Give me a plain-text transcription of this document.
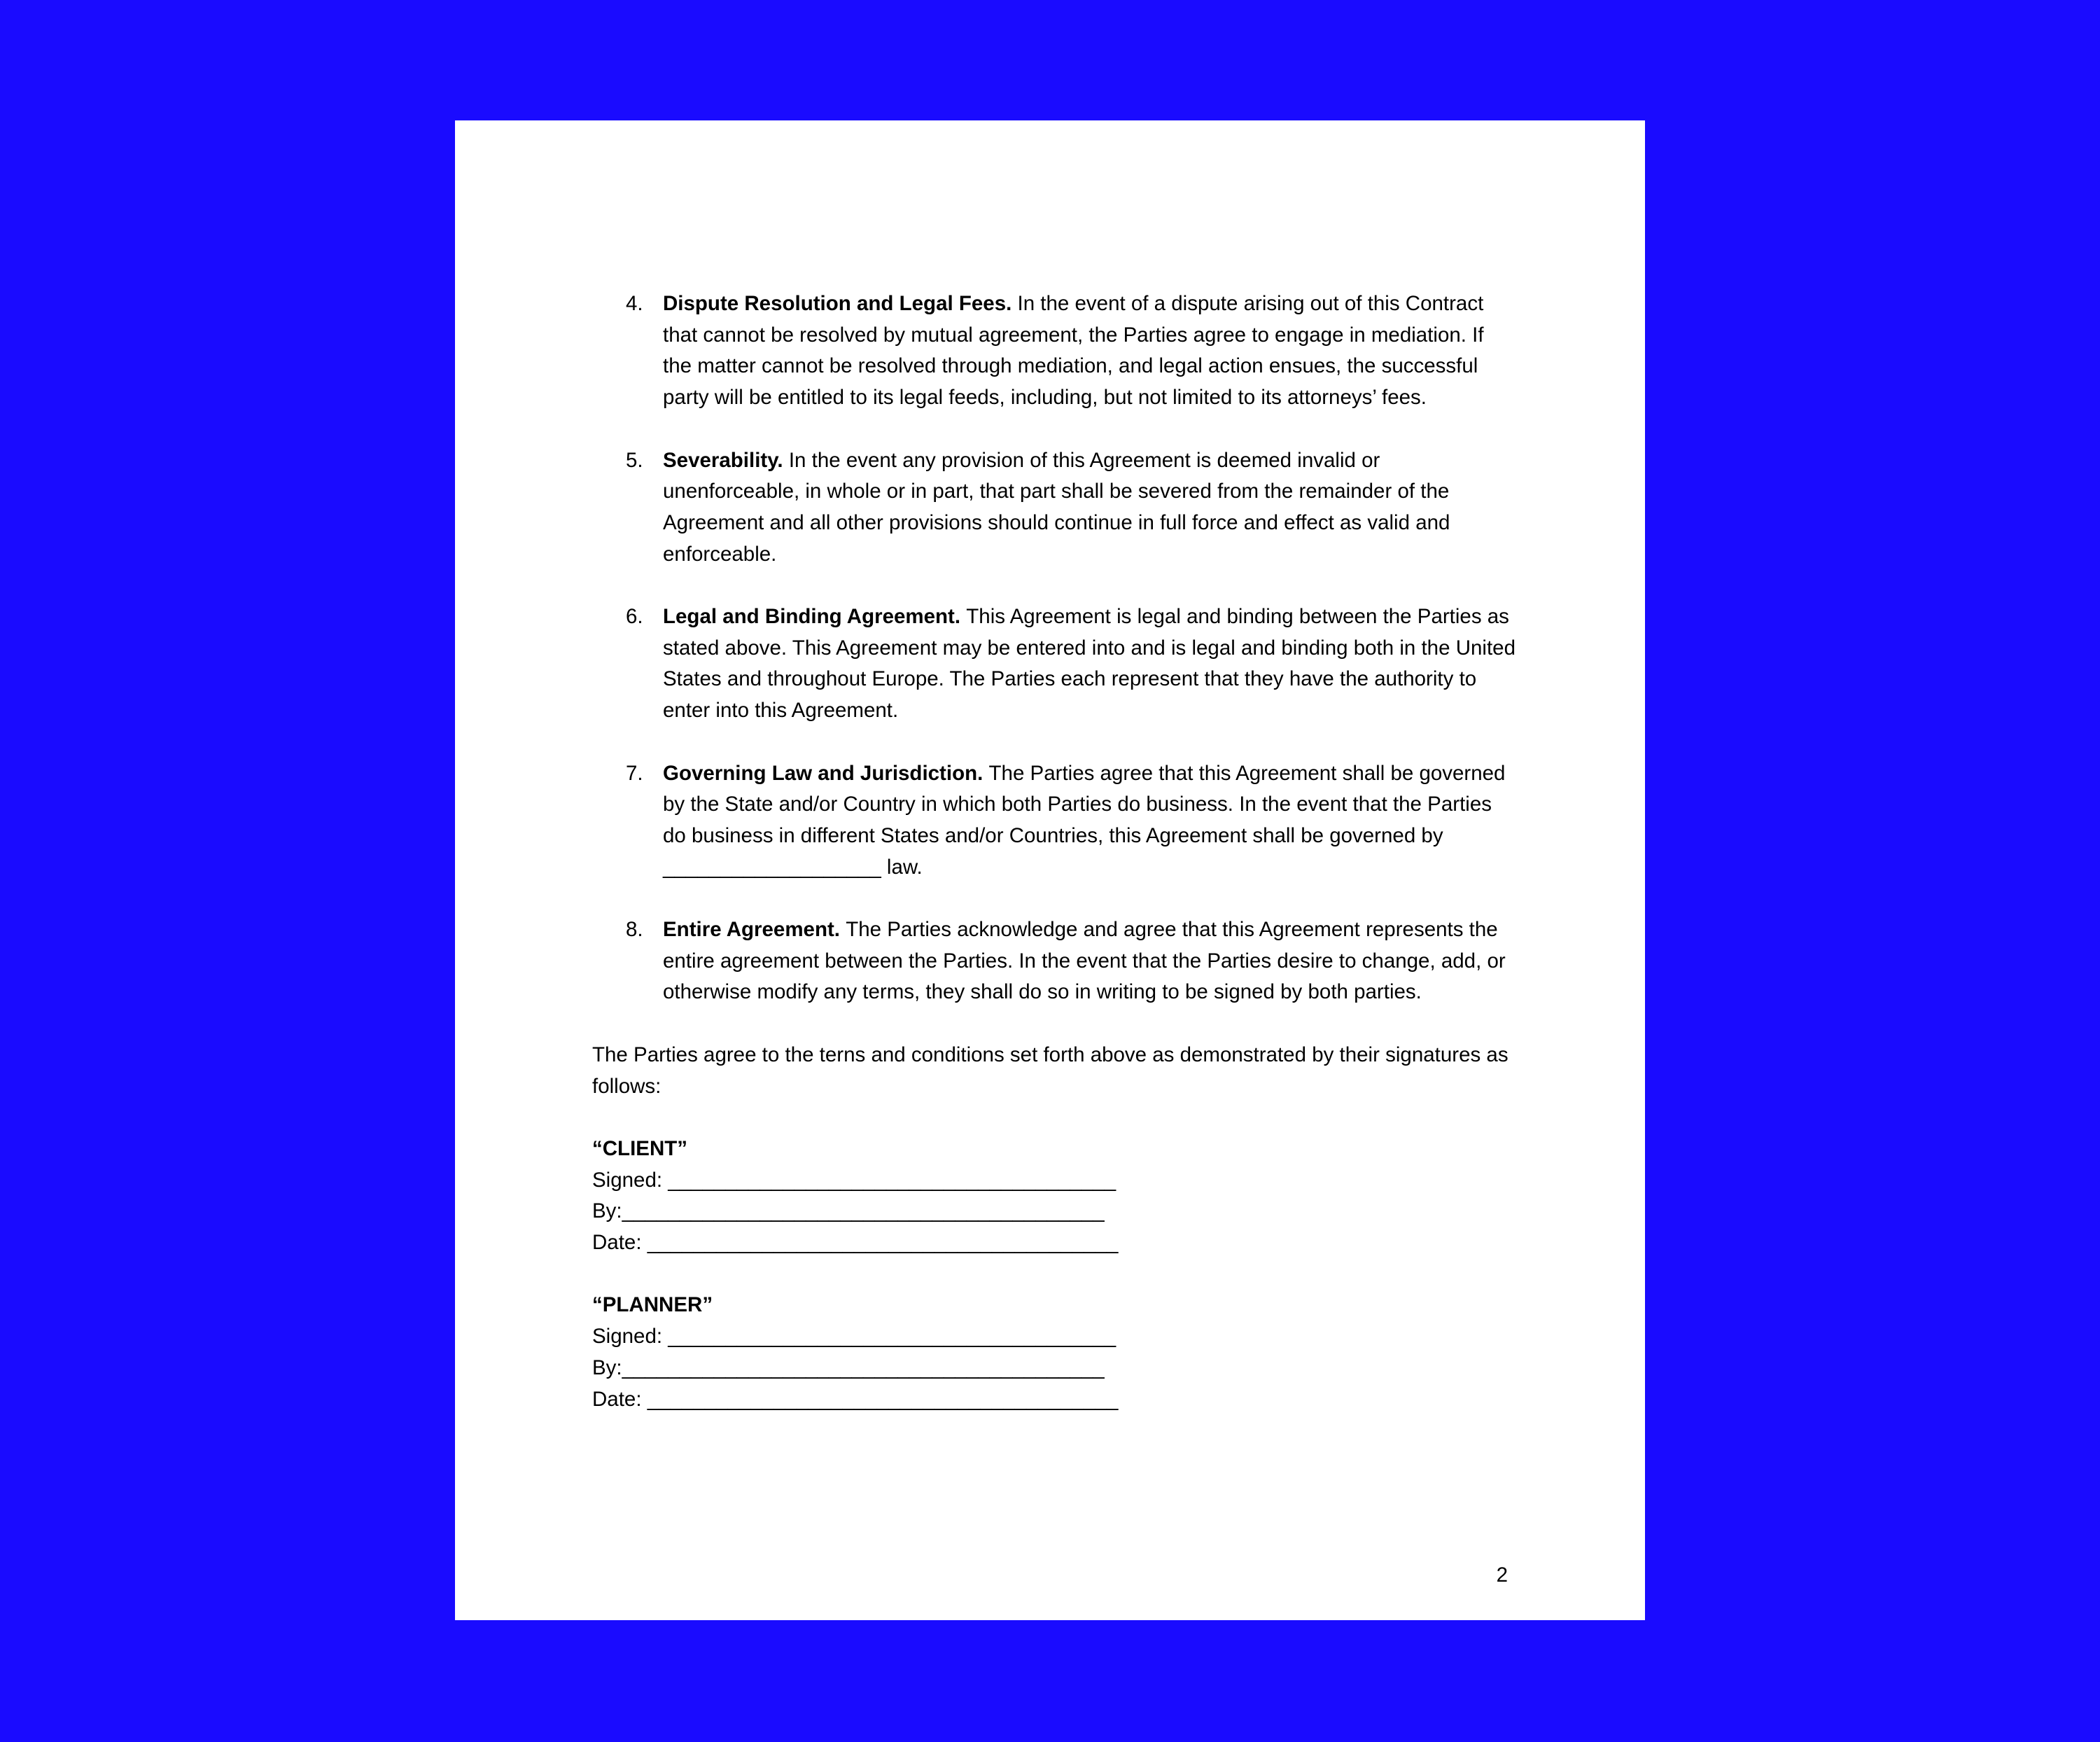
4. Dispute Resolution and Legal Fees. In the event of a dispute arising out of this Contract that cannot be resolved by mutual agreement, the Parties agree to engage in mediation. If the matter cannot be resolved through mediation, and legal action ensues, the successful party will be entitled to its legal feeds, including, but not limited to its attorneys’ fees.
5. Severability. In the event any provision of this Agreement is deemed invalid or unenforceable, in whole or in part, that part shall be severed from the remainder of the Agreement and all other provisions should continue in full force and effect as valid and enforceable.
6. Legal and Binding Agreement. This Agreement is legal and binding between the Parties as stated above. This Agreement may be entered into and is legal and binding both in the United States and throughout Europe. The Parties each represent that they have the authority to enter into this Agreement.
7. Governing Law and Jurisdiction. The Parties agree that this Agreement shall be governed by the State and/or Country in which both Parties do business. In the event that the Parties do business in different States and/or Countries, this Agreement shall be governed by ___________________ law.
8. Entire Agreement. The Parties acknowledge and agree that this Agreement represents the entire agreement between the Parties. In the event that the Parties desire to change, add, or otherwise modify any terms, they shall do so in writing to be signed by both parties.

The Parties agree to the terns and conditions set forth above as demonstrated by their signatures as follows:

“CLIENT”
Signed: _______________________________________
By:__________________________________________
Date: _________________________________________
“PLANNER”
Signed: _______________________________________
By:__________________________________________
Date: _________________________________________
2
